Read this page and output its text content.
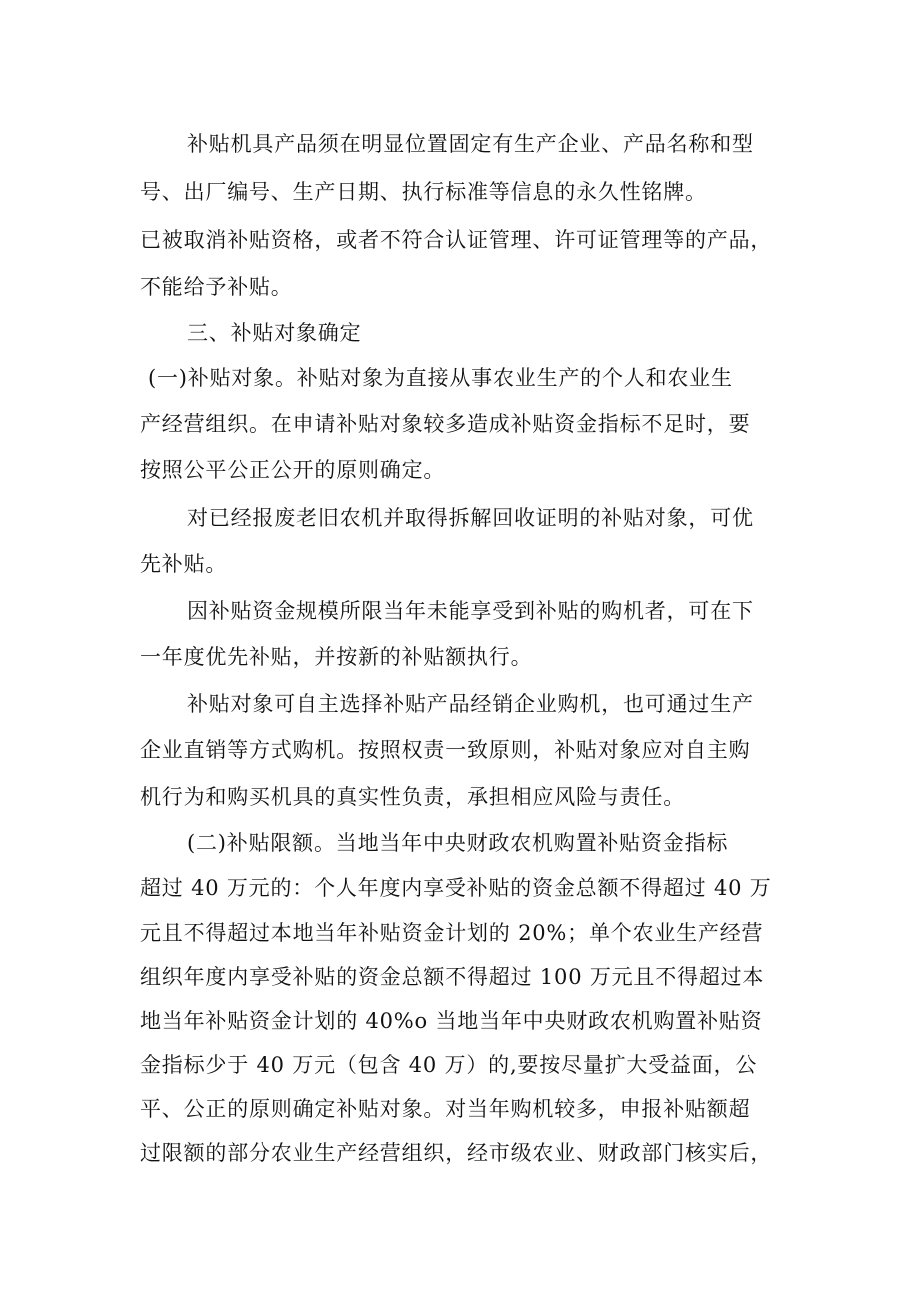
补贴机具产品须在明显位置固定有生产企业、产品名称和型
号、出厂编号、生产日期、执行标准等信息的永久性铭牌。
已被取消补贴资格，或者不符合认证管理、许可证管理等的产品，
不能给予补贴。
三、补贴对象确定
(一)补贴对象。补贴对象为直接从事农业生产的个人和农业生
产经营组织。在申请补贴对象较多造成补贴资金指标不足时，要
按照公平公正公开的原则确定。
对已经报废老旧农机并取得拆解回收证明的补贴对象，可优
先补贴。
因补贴资金规模所限当年未能享受到补贴的购机者，可在下
一年度优先补贴，并按新的补贴额执行。
补贴对象可自主选择补贴产品经销企业购机，也可通过生产
企业直销等方式购机。按照权责一致原则，补贴对象应对自主购
机行为和购买机具的真实性负责，承担相应风险与责任。
(二)补贴限额。当地当年中央财政农机购置补贴资金指标
超过 40 万元的：个人年度内享受补贴的资金总额不得超过 40 万
元且不得超过本地当年补贴资金计划的 20%；单个农业生产经营
组织年度内享受补贴的资金总额不得超过 100 万元且不得超过本
地当年补贴资金计划的 40%o 当地当年中央财政农机购置补贴资
金指标少于 40 万元（包含 40 万）的,要按尽量扩大受益面，公
平、公正的原则确定补贴对象。对当年购机较多，申报补贴额超
过限额的部分农业生产经营组织，经市级农业、财政部门核实后，
